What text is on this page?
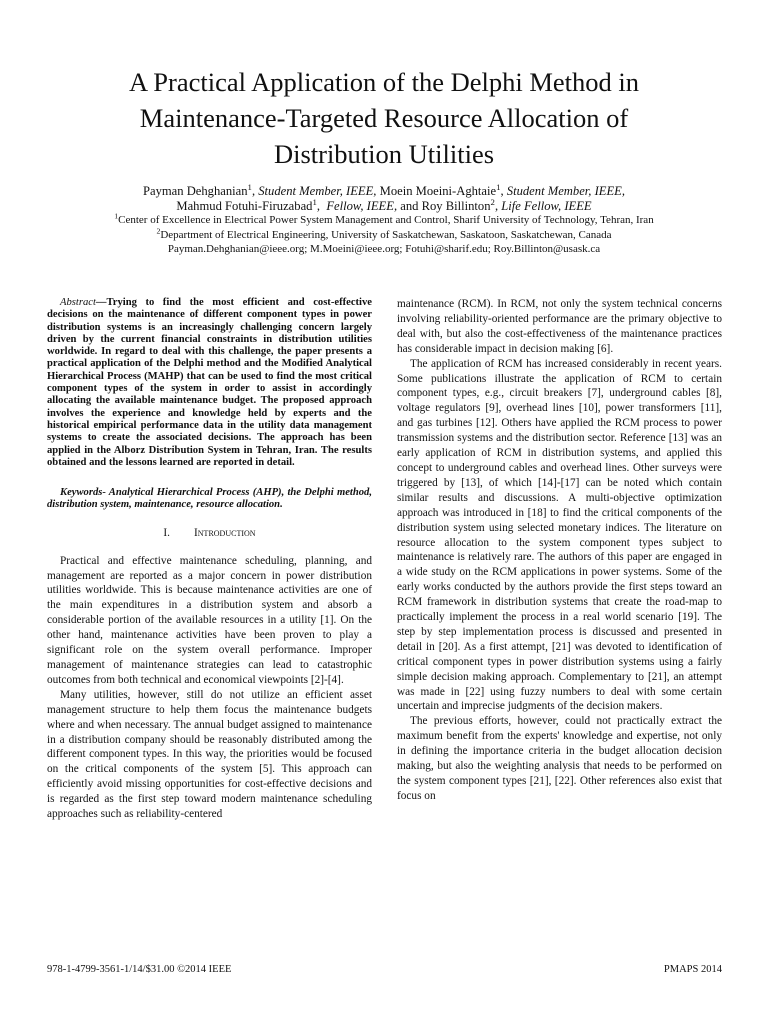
A Practical Application of the Delphi Method in
Maintenance-Targeted Resource Allocation of
Distribution Utilities
Payman Dehghanian$^1$, Student Member, IEEE, Moein Moeini-Aghtaie$^1$, Student Member, IEEE,
Mahmud Fotuhi-Firuzabad$^1$,  Fellow, IEEE, and Roy Billinton$^2$, Life Fellow, IEEE
$^1$Center of Excellence in Electrical Power System Management and Control, Sharif University of Technology, Tehran, Iran
$^2$Department of Electrical Engineering, University of Saskatchewan, Saskatoon, Saskatchewan, Canada
Payman.Dehghanian@ieee.org; M.Moeini@ieee.org; Fotuhi@sharif.edu; Roy.Billinton@usask.ca

Abstract—Trying to find the most efficient and cost-effective decisions on the maintenance of different component types in power distribution systems is an increasingly challenging concern largely driven by the current financial constraints in distribution utilities worldwide. In regard to deal with this challenge, the paper presents a practical application of the Delphi method and the Modified Analytical Hierarchical Process (MAHP) that can be used to find the most critical component types of the system in order to assist in accordingly allocating the available maintenance budget. The proposed approach involves the experience and knowledge held by experts and the historical empirical performance data in the utility data management systems to create the associated decisions. The approach has been applied in the Alborz Distribution System in Tehran, Iran. The results obtained and the lessons learned are reported in detail.

Keywords- Analytical Hierarchical Process (AHP), the Delphi method, distribution system, maintenance, resource allocation.

I. Introduction

Practical and effective maintenance scheduling, planning, and management are reported as a major concern in power distribution utilities worldwide. This is because maintenance activities are one of the main expenditures in a distribution system and absorb a considerable portion of the available resources in a utility [1]. On the other hand, maintenance activities have been proven to play a significant role on the system overall performance. Improper management of maintenance strategies can lead to catastrophic outcomes from both technical and economical viewpoints [2]-[4].

Many utilities, however, still do not utilize an efficient asset management structure to help them focus the maintenance budgets where and when necessary. The annual budget assigned to maintenance in a distribution company should be reasonably distributed among the different component types. In this way, the priorities would be focused on the critical components of the system [5]. This approach can efficiently avoid missing opportunities for cost-effective decisions and is regarded as the first step toward modern maintenance scheduling approaches such as reliability-centered

maintenance (RCM). In RCM, not only the system technical concerns involving reliability-oriented performance are the primary objective to deal with, but also the cost-effectiveness of the maintenance practices has considerable impact in decision making [6].

The application of RCM has increased considerably in recent years. Some publications illustrate the application of RCM to certain component types, e.g., circuit breakers [7], underground cables [8], voltage regulators [9], overhead lines [10], power transformers [11], and gas turbines [12]. Others have applied the RCM process to power transmission systems and the distribution sector. Reference [13] was an early application of RCM in distribution systems, and applied this concept to underground cables and overhead lines. Other surveys were triggered by [13], of which [14]-[17] can be noted which contain similar results and discussions. A multi-objective optimization approach was introduced in [18] to find the critical components of the distribution system using selected monetary indices. The literature on resource allocation to the system component types subject to maintenance is relatively rare. The authors of this paper are engaged in a wide study on the RCM applications in power systems. Some of the early works conducted by the authors provide the first steps toward an RCM framework in distribution systems that create the road-map to practically implement the process in a real world scenario [19]. The step by step implementation process is discussed and presented in detail in [20]. As a first attempt, [21] was devoted to identification of critical component types in power distribution systems using a fairly simple decision making approach. Complementary to [21], an attempt was made in [22] using fuzzy numbers to deal with some certain uncertain and imprecise judgments of the decision makers.

The previous efforts, however, could not practically extract the maximum benefit from the experts' knowledge and expertise, not only in defining the importance criteria in the budget allocation decision making, but also the weighting analysis that needs to be performed on the system component types [21], [22]. Other references also exist that focus on

978-1-4799-3561-1/14/$31.00 ©2014 IEEE	PMAPS 2014
